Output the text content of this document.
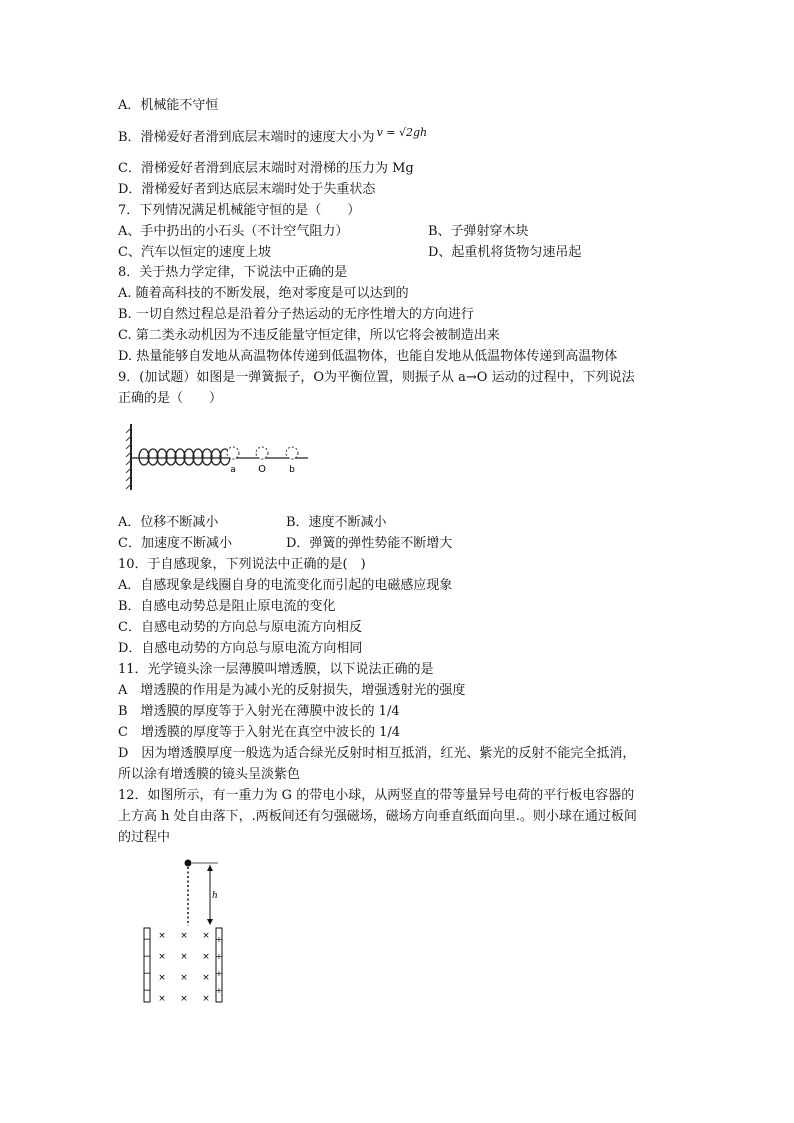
A．机械能不守恒
B．滑梯爱好者滑到底层末端时的速度大小为 $^{v = √2gh}$
C．滑梯爱好者滑到底层末端时对滑梯的压力为 Mg
D．滑梯爱好者到达底层末端时处于失重状态
7．下列情况满足机械能守恒的是（　　）
A、手中扔出的小石头（不计空气阻力）	B、子弹射穿木块
C、汽车以恒定的速度上坡	D、起重机将货物匀速吊起
8．关于热力学定律，下说法中正确的是
A. 随着高科技的不断发展，绝对零度是可以达到的
B. 一切自然过程总是沿着分子热运动的无序性增大的方向进行
C. 第二类永动机因为不违反能量守恒定律，所以它将会被制造出来
D. 热量能够自发地从高温物体传递到低温物体，也能自发地从低温物体传递到高温物体
9．(加试题）如图是一弹簧振子，O为平衡位置，则振子从 a→O 运动的过程中，下列说法
正确的是（　　）
a O	b
A．位移不断减小	B．速度不断减小
C．加速度不断减小	D．弹簧的弹性势能不断增大
10．于自感现象，下列说法中正确的是(　)
A．自感现象是线圈自身的电流变化而引起的电磁感应现象
B．自感电动势总是阻止原电流的变化
C．自感电动势的方向总与原电流方向相反
D．自感电动势的方向总与原电流方向相同
11．光学镜头涂一层薄膜叫增透膜，以下说法正确的是
A　增透膜的作用是为减小光的反射损失，增强透射光的强度
B　增透膜的厚度等于入射光在薄膜中波长的 1/4
C　增透膜的厚度等于入射光在真空中波长的 1/4
D　因为增透膜厚度一般选为适合绿光反射时相互抵消，红光、紫光的反射不能完全抵消，
所以涂有增透膜的镜头呈淡紫色
12．如图所示，有一重力为 G 的带电小球，从两竖直的带等量异号电荷的平行板电容器的
上方高 h 处自由落下，.两板间还有匀强磁场，磁场方向垂直纸面向里.。则小球在通过板间
的过程中
h
−
−
−
−
+
+
+
+
× × ×
× × ×
× × ×
× × ×
